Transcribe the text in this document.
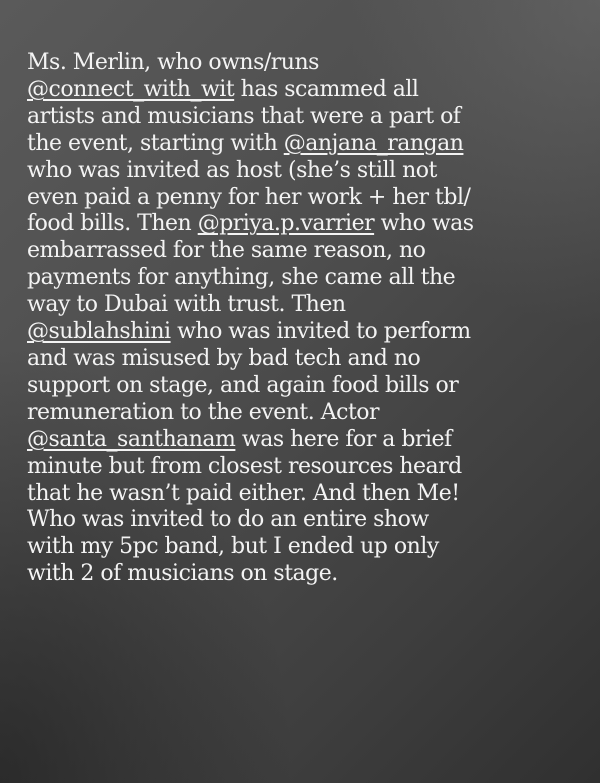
Ms. Merlin, who owns/runs
@connect_with_wit has scammed all
artists and musicians that were a part of
the event, starting with @anjana_rangan
who was invited as host (she’s still not
even paid a penny for her work + her tbl/
food bills. Then @priya.p.varrier who was
embarrassed for the same reason, no
payments for anything, she came all the
way to Dubai with trust. Then
@sublahshini who was invited to perform
and was misused by bad tech and no
support on stage, and again food bills or
remuneration to the event. Actor
@santa_santhanam was here for a brief
minute but from closest resources heard
that he wasn’t paid either. And then Me!
Who was invited to do an entire show
with my 5pc band, but I ended up only
with 2 of musicians on stage.
